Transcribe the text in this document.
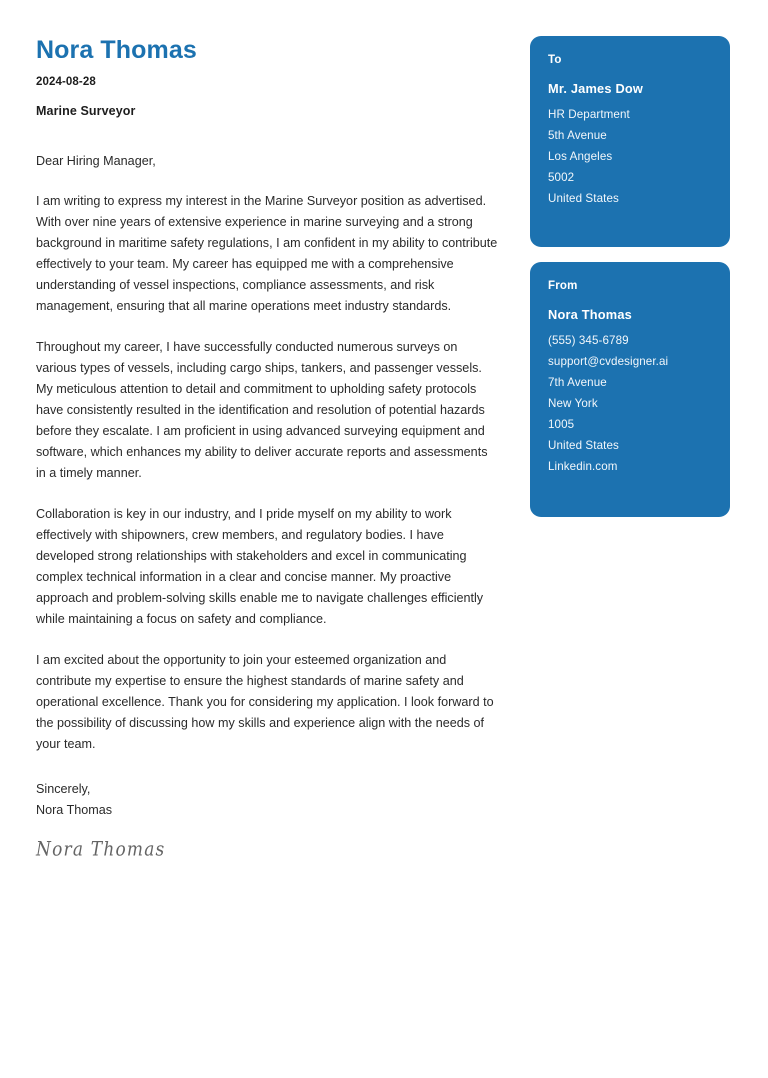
Nora Thomas
2024-08-28
Marine Surveyor
Dear Hiring Manager,

I am writing to express my interest in the Marine Surveyor position as advertised. With over nine years of extensive experience in marine surveying and a strong background in maritime safety regulations, I am confident in my ability to contribute effectively to your team. My career has equipped me with a comprehensive understanding of vessel inspections, compliance assessments, and risk management, ensuring that all marine operations meet industry standards.

Throughout my career, I have successfully conducted numerous surveys on various types of vessels, including cargo ships, tankers, and passenger vessels. My meticulous attention to detail and commitment to upholding safety protocols have consistently resulted in the identification and resolution of potential hazards before they escalate. I am proficient in using advanced surveying equipment and software, which enhances my ability to deliver accurate reports and assessments in a timely manner.

Collaboration is key in our industry, and I pride myself on my ability to work effectively with shipowners, crew members, and regulatory bodies. I have developed strong relationships with stakeholders and excel in communicating complex technical information in a clear and concise manner. My proactive approach and problem-solving skills enable me to navigate challenges efficiently while maintaining a focus on safety and compliance.

I am excited about the opportunity to join your esteemed organization and contribute my expertise to ensure the highest standards of marine safety and operational excellence. Thank you for considering my application. I look forward to the possibility of discussing how my skills and experience align with the needs of your team.

Sincerely,
Nora Thomas
Nora Thomas
To
Mr. James Dow
HR Department
5th Avenue
Los Angeles
5002
United States
From
Nora Thomas
(555) 345-6789
support@cvdesigner.ai
7th Avenue
New York
1005
United States
Linkedin.com
